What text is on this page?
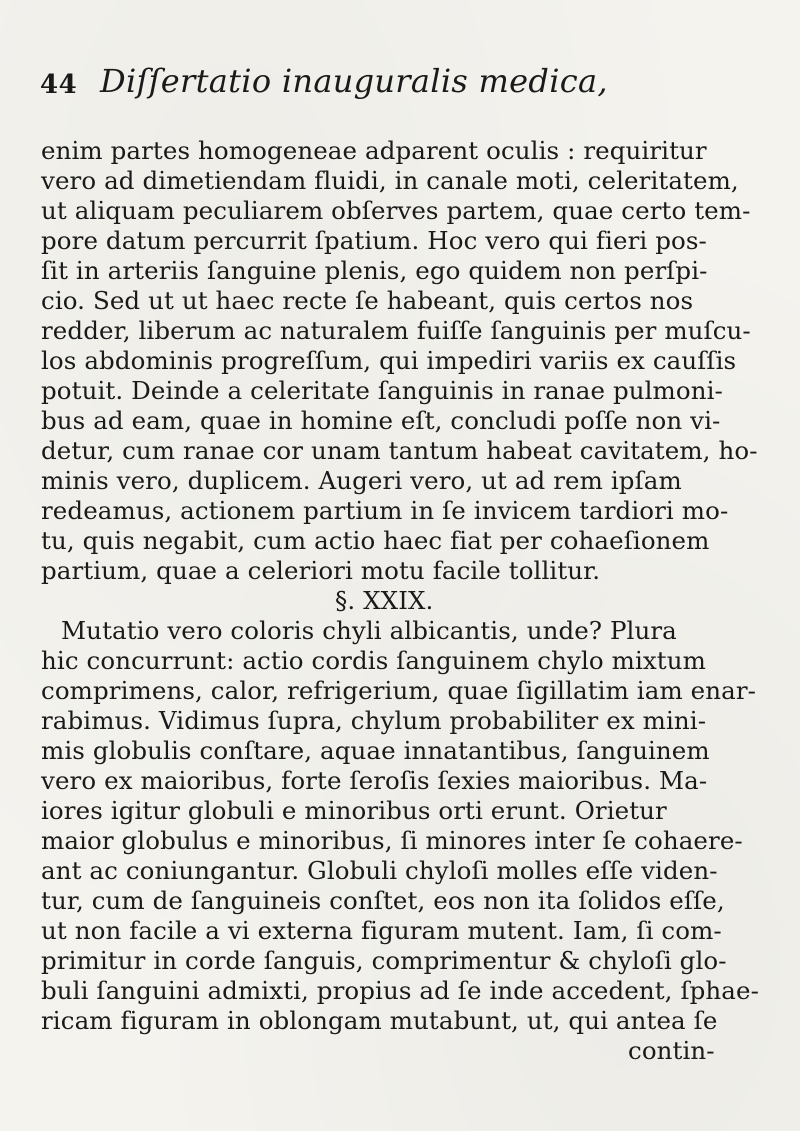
44 Diſſertatio inauguralis medica,
enim partes homogeneae adparent oculis : requiritur
vero ad dimetiendam fluidi, in canale moti, celeritatem,
ut aliquam peculiarem obſerves partem, quae certo tem-
pore datum percurrit ſpatium. Hoc vero qui fieri pos-
ſit in arteriis ſanguine plenis, ego quidem non perſpi-
cio. Sed ut ut haec recte ſe habeant, quis certos nos
redder, liberum ac naturalem fuiſſe ſanguinis per muſcu-
los abdominis progreſſum, qui impediri variis ex cauſſis
potuit. Deinde a celeritate ſanguinis in ranae pulmoni-
bus ad eam, quae in homine eſt, concludi poſſe non vi-
detur, cum ranae cor unam tantum habeat cavitatem, ho-
minis vero, duplicem. Augeri vero, ut ad rem ipſam
redeamus, actionem partium in ſe invicem tardiori mo-
tu, quis negabit, cum actio haec fiat per cohaeſionem
partium, quae a celeriori motu facile tollitur.
§. XXIX.
Mutatio vero coloris chyli albicantis, unde? Plura
hic concurrunt: actio cordis ſanguinem chylo mixtum
comprimens, calor, refrigerium, quae ſigillatim iam enar-
rabimus. Vidimus ſupra, chylum probabiliter ex mini-
mis globulis conſtare, aquae innatantibus, ſanguinem
vero ex maioribus, forte ſeroſis ſexies maioribus. Ma-
iores igitur globuli e minoribus orti erunt. Orietur
maior globulus e minoribus, ſi minores inter ſe cohaere-
ant ac coniungantur. Globuli chyloſi molles eſſe viden-
tur, cum de ſanguineis conſtet, eos non ita ſolidos eſſe,
ut non facile a vi externa figuram mutent. Iam, ſi com-
primitur in corde ſanguis, comprimentur & chyloſi glo-
buli ſanguini admixti, propius ad ſe inde accedent, ſphae-
ricam figuram in oblongam mutabunt, ut, qui antea ſe
contin-
